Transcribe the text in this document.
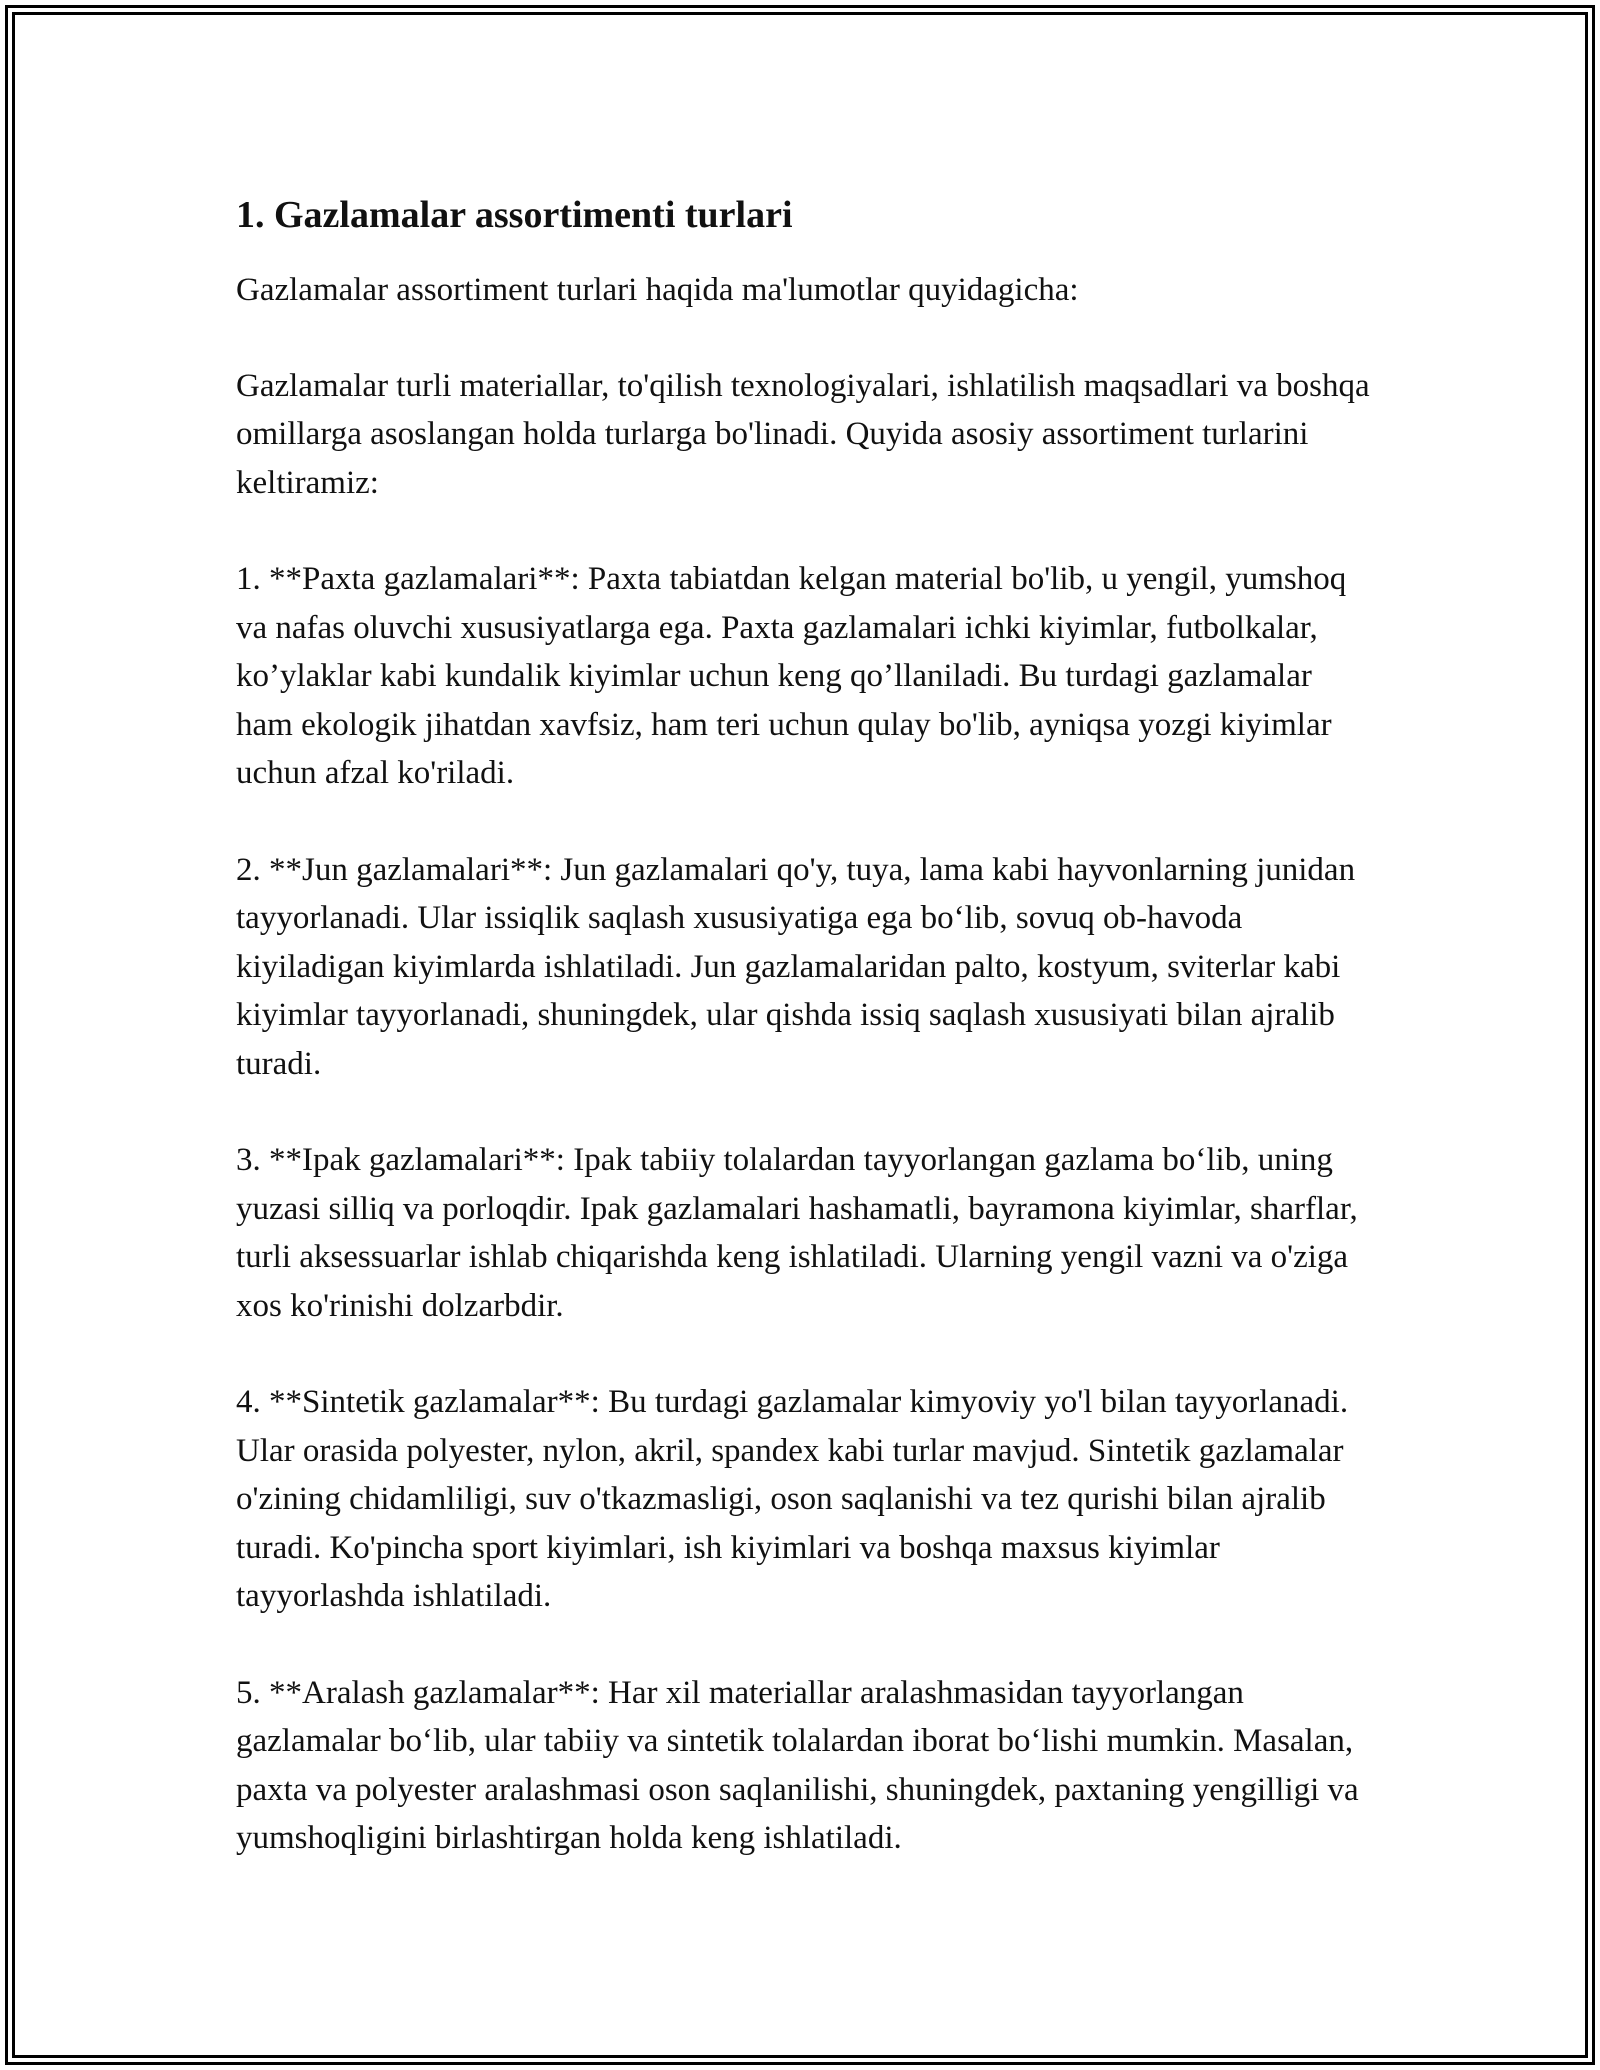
1. Gazlamalar assortimenti turlari

Gazlamalar assortiment turlari haqida ma'lumotlar quyidagicha:

Gazlamalar turli materiallar, to'qilish texnologiyalari, ishlatilish maqsadlari va boshqa omillarga asoslangan holda turlarga bo'linadi. Quyida asosiy assortiment turlarini keltiramiz:

1. **Paxta gazlamalari**: Paxta tabiatdan kelgan material bo'lib, u yengil, yumshoq va nafas oluvchi xususiyatlarga ega. Paxta gazlamalari ichki kiyimlar, futbolkalar, ko’ylaklar kabi kundalik kiyimlar uchun keng qo’llaniladi. Bu turdagi gazlamalar ham ekologik jihatdan xavfsiz, ham teri uchun qulay bo'lib, ayniqsa yozgi kiyimlar uchun afzal ko'riladi.

2. **Jun gazlamalari**: Jun gazlamalari qo'y, tuya, lama kabi hayvonlarning junidan tayyorlanadi. Ular issiqlik saqlash xususiyatiga ega bo‘lib, sovuq ob-havoda kiyiladigan kiyimlarda ishlatiladi. Jun gazlamalaridan palto, kostyum, sviterlar kabi kiyimlar tayyorlanadi, shuningdek, ular qishda issiq saqlash xususiyati bilan ajralib turadi.

3. **Ipak gazlamalari**: Ipak tabiiy tolalardan tayyorlangan gazlama bo‘lib, uning yuzasi silliq va porloqdir. Ipak gazlamalari hashamatli, bayramona kiyimlar, sharflar, turli aksessuarlar ishlab chiqarishda keng ishlatiladi. Ularning yengil vazni va o'ziga xos ko'rinishi dolzarbdir.

4. **Sintetik gazlamalar**: Bu turdagi gazlamalar kimyoviy yo'l bilan tayyorlanadi. Ular orasida polyester, nylon, akril, spandex kabi turlar mavjud. Sintetik gazlamalar o'zining chidamliligi, suv o'tkazmasligi, oson saqlanishi va tez qurishi bilan ajralib turadi. Ko'pincha sport kiyimlari, ish kiyimlari va boshqa maxsus kiyimlar tayyorlashda ishlatiladi.

5. **Aralash gazlamalar**: Har xil materiallar aralashmasidan tayyorlangan gazlamalar bo‘lib, ular tabiiy va sintetik tolalardan iborat bo‘lishi mumkin. Masalan, paxta va polyester aralashmasi oson saqlanilishi, shuningdek, paxtaning yengilligi va yumshoqligini birlashtirgan holda keng ishlatiladi.
